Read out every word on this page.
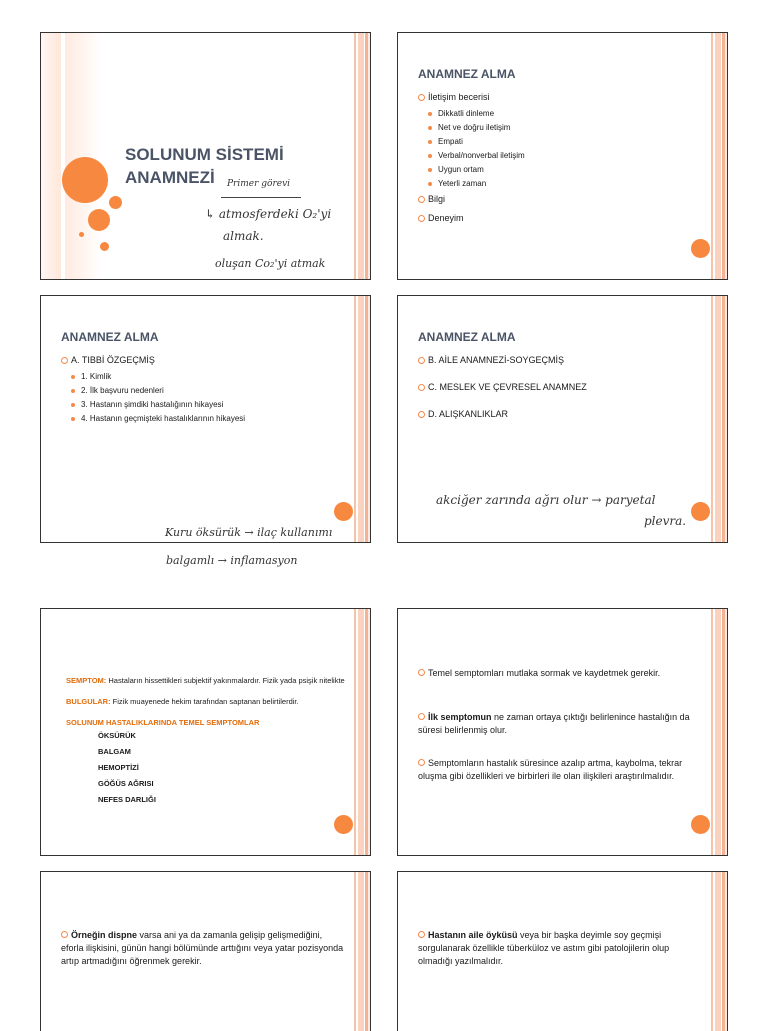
SOLUNUM SİSTEMİ
ANAMNEZİ	Primer görevi
↳ atmosferdeki O₂'yi
almak.
oluşan Co₂'yi atmak
ANAMNEZ ALMA
İletişim becerisi
Dikkatli dinleme
Net ve doğru iletişim
Empati
Verbal/nonverbal iletişim
Uygun ortam
Yeterli zaman
Bilgi
Deneyim
ANAMNEZ ALMA
A. TIBBİ ÖZGEÇMİŞ
1. Kimlik
2. İlk başvuru nedenleri
3. Hastanın şimdiki hastalığının hikayesi
4. Hastanın geçmişteki hastalıklarının hikayesi
Kuru öksürük → ilaç kullanımı
balgamlı → inflamasyon
ANAMNEZ ALMA
B. AİLE ANAMNEZİ-SOYGEÇMİŞ
C. MESLEK VE ÇEVRESEL ANAMNEZ
D. ALIŞKANLIKLAR
akciğer zarında ağrı olur → paryetal
plevra.
SEMPTOM: Hastaların hissettikleri subjektif yakınmalardır. Fizik yada psişik nitelikte
BULGULAR: Fizik muayenede hekim tarafından saptanan belirtilerdir.
SOLUNUM HASTALIKLARINDA TEMEL SEMPTOMLAR
ÖKSÜRÜK
BALGAM
HEMOPTİZİ
GÖĞÜS AĞRISI
NEFES DARLIĞI
Temel semptomları mutlaka sormak ve kaydetmek gerekir.
İlk semptomun ne zaman ortaya çıktığı belirlenince hastalığın da süresi belirlenmiş olur.
Semptomların hastalık süresince azalıp artma, kaybolma, tekrar oluşma gibi özellikleri ve birbirleri ile olan ilişkileri araştırılmalıdır.
Örneğin dispne varsa ani ya da zamanla gelişip gelişmediğini, eforla ilişkisini, günün hangi bölümünde arttığını veya yatar pozisyonda artıp artmadığını öğrenmek gerekir.
Hastanın aile öyküsü veya bir başka deyimle soy geçmişi sorgulanarak özellikle tüberküloz ve astım gibi patolojilerin olup olmadığı yazılmalıdır.
